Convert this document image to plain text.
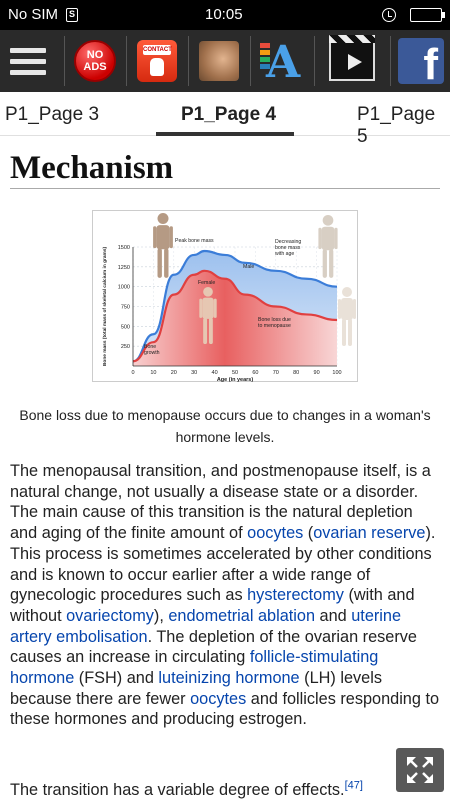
No SIM	S	10:05
NO ADS
CONTACT A	f
P1_Page 3	P1_Page 4	P1_Page 5
Mechanism
0	10	20	30	40	50	60	70	80	90 100
250
500
750
1000
1250
1500
Age (in years)
Bone mass (total mass of skeletal calcium in grams)
Peak bone mass	Decreasing bone mass with age
Male
Female
Bone loss due to menopause
Bone growth

Bone loss due to menopause occurs due to changes in a woman's hormone levels.

The menopausal transition, and postmenopause itself, is a natural change, not usually a disease state or a disorder. The main cause of this transition is the natural depletion and aging of the finite amount of oocytes (ovarian reserve). This process is sometimes accelerated by other conditions and is known to occur earlier after a wide range of gynecologic procedures such as hysterectomy (with and without ovariectomy), endometrial ablation and uterine artery embolisation. The depletion of the ovarian reserve causes an increase in circulating follicle-stimulating hormone (FSH) and luteinizing hormone (LH) levels because there are fewer oocytes and follicles responding to these hormones and producing estrogen.

The transition has a variable degree of effects.[47]
